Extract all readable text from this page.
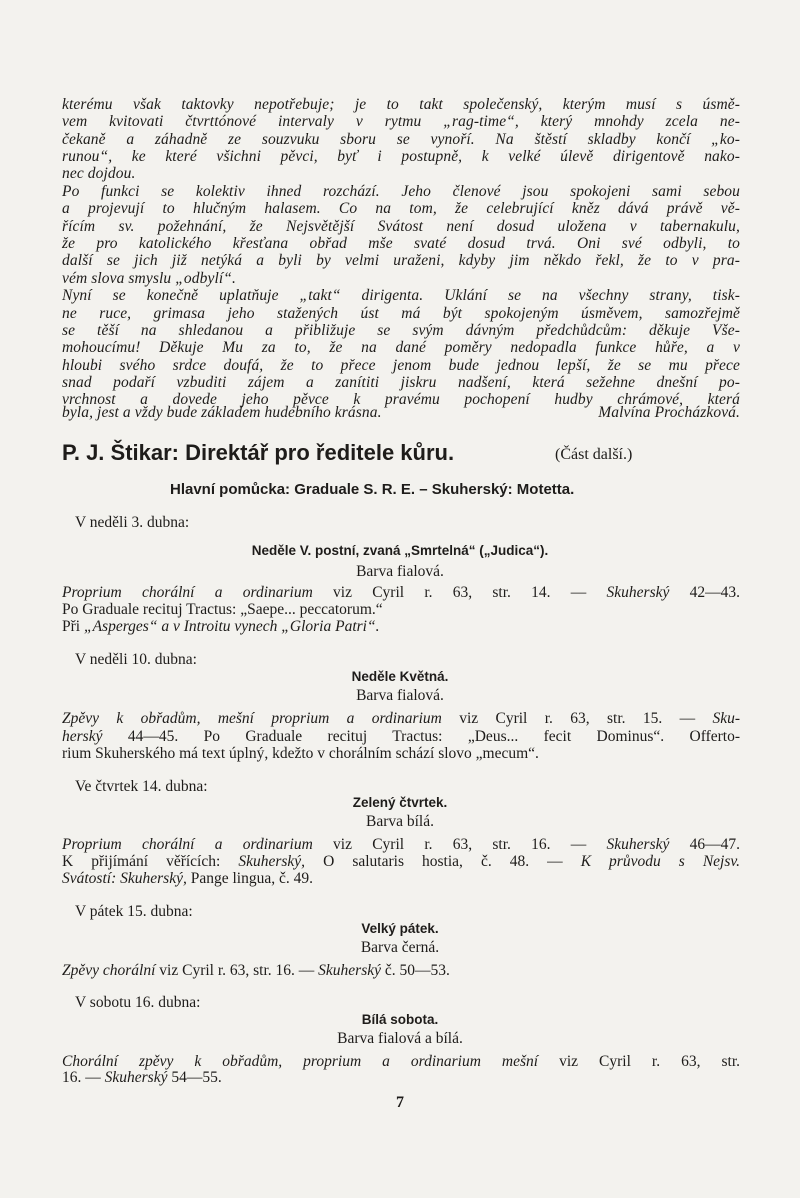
kterému však taktovky nepotřebuje; je to takt společenský, kterým musí s úsmě-
vem kvitovati čtvrttónové intervaly v rytmu „rag-time“, který mnohdy zcela ne-
čekaně a záhadně ze souzvuku sboru se vynoří. Na štěstí skladby končí „ko-
runou“, ke které všichni pěvci, byť i postupně, k velké úlevě dirigentově nako-
nec dojdou.
Po funkci se kolektiv ihned rozchází. Jeho členové jsou spokojeni sami sebou
a projevují to hlučným halasem. Co na tom, že celebrující kněz dává právě vě-
řícím sv. požehnání, že Nejsvětější Svátost není dosud uložena v tabernakulu,
že pro katolického křesťana obřad mše svaté dosud trvá. Oni své odbyli, to
další se jich již netýká a byli by velmi uraženi, kdyby jim někdo řekl, že to v pra-
vém slova smyslu „odbylí“.
Nyní se konečně uplatňuje „takt“ dirigenta. Uklání se na všechny strany, tisk-
ne ruce, grimasa jeho stažených úst má být spokojeným úsměvem, samozřejmě
se těší na shledanou a přibližuje se svým dávným předchůdcům: děkuje Vše-
mohoucímu! Děkuje Mu za to, že na dané poměry nedopadla funkce hůře, a v
hloubi svého srdce doufá, že to přece jenom bude jednou lepší, že se mu přece
snad podaří vzbuditi zájem a zanítiti jiskru nadšení, která sežehne dnešní po-
vrchnost a dovede jeho pěvce k pravému pochopení hudby chrámové, která
byla, jest a vždy bude základem hudebního krásna.	Malvína Procházková.
P. J. Štikar: Direktář pro ředitele kůru.	(Část další.)
Hlavní pomůcka: Graduale S. R. E. – Skuherský: Motetta.
V neděli 3. dubna:
Neděle V. postní, zvaná „Smrtelná“ („Judica“).
Barva fialová.
Proprium chorální a ordinarium viz Cyril r. 63, str. 14. — Skuherský 42—43.
Po Graduale recituj Tractus: „Saepe... peccatorum.“
Při „Asperges“ a v Introitu vynech „Gloria Patri“.
V neděli 10. dubna:
Neděle Květná.
Barva fialová.
Zpěvy k obřadům, mešní proprium a ordinarium viz Cyril r. 63, str. 15. — Sku-
herský 44—45. Po Graduale recituj Tractus: „Deus... fecit Dominus“. Offerto-
rium Skuherského má text úplný, kdežto v chorálním schází slovo „mecum“.
Ve čtvrtek 14. dubna:
Zelený čtvrtek.
Barva bílá.
Proprium chorální a ordinarium viz Cyril r. 63, str. 16. — Skuherský 46—47.
K přijímání věřících: Skuherský, O salutaris hostia, č. 48. — K průvodu s Nejsv.
Svátostí: Skuherský, Pange lingua, č. 49.
V pátek 15. dubna:
Velký pátek.
Barva černá.
Zpěvy chorální viz Cyril r. 63, str. 16. — Skuherský č. 50—53.
V sobotu 16. dubna:
Bílá sobota.
Barva fialová a bílá.
Chorální zpěvy k obřadům, proprium a ordinarium mešní viz Cyril r. 63, str.
16. — Skuherský 54—55.
7
